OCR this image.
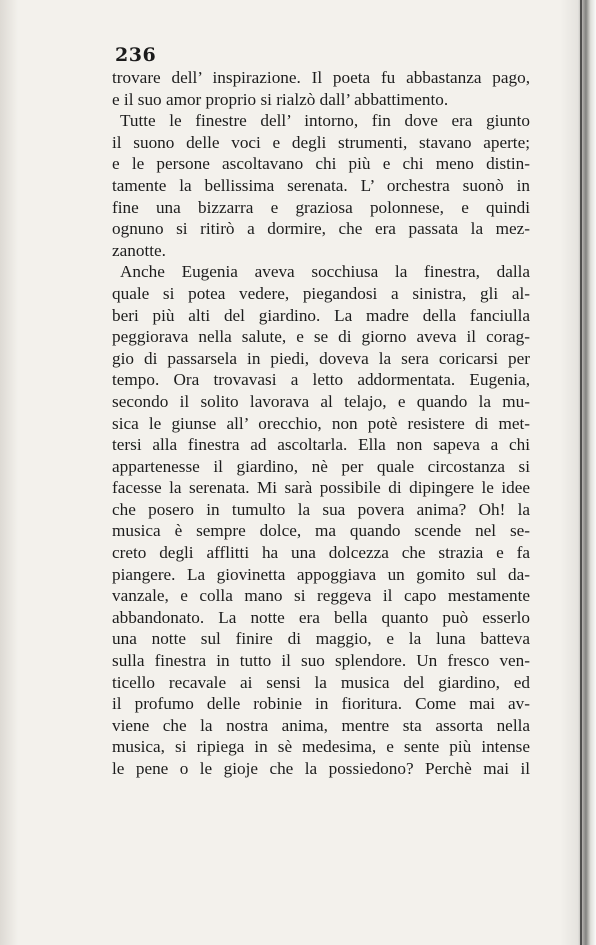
236
trovare dell’ inspirazione. Il poeta fu abbastanza pago,
e il suo amor proprio si rialzò dall’ abbattimento.
Tutte le finestre dell’ intorno, fin dove era giunto
il suono delle voci e degli strumenti, stavano aperte;
e le persone ascoltavano chi più e chi meno distin-
tamente la bellissima serenata. L’ orchestra suonò in
fine una bizzarra e graziosa polonnese, e quindi
ognuno si ritirò a dormire, che era passata la mez-
zanotte.
Anche Eugenia aveva socchiusa la finestra, dalla
quale si potea vedere, piegandosi a sinistra, gli al-
beri più alti del giardino. La madre della fanciulla
peggiorava nella salute, e se di giorno aveva il corag-
gio di passarsela in piedi, doveva la sera coricarsi per
tempo. Ora trovavasi a letto addormentata. Eugenia,
secondo il solito lavorava al telajo, e quando la mu-
sica le giunse all’ orecchio, non potè resistere di met-
tersi alla finestra ad ascoltarla. Ella non sapeva a chi
appartenesse il giardino, nè per quale circostanza si
facesse la serenata. Mi sarà possibile di dipingere le idee
che posero in tumulto la sua povera anima? Oh! la
musica è sempre dolce, ma quando scende nel se-
creto degli afflitti ha una dolcezza che strazia e fa
piangere. La giovinetta appoggiava un gomito sul da-
vanzale, e colla mano si reggeva il capo mestamente
abbandonato. La notte era bella quanto può esserlo
una notte sul finire di maggio, e la luna batteva
sulla finestra in tutto il suo splendore. Un fresco ven-
ticello recavale ai sensi la musica del giardino, ed
il profumo delle robinie in fioritura. Come mai av-
viene che la nostra anima, mentre sta assorta nella
musica, si ripiega in sè medesima, e sente più intense
le pene o le gioje che la possiedono? Perchè mai il
